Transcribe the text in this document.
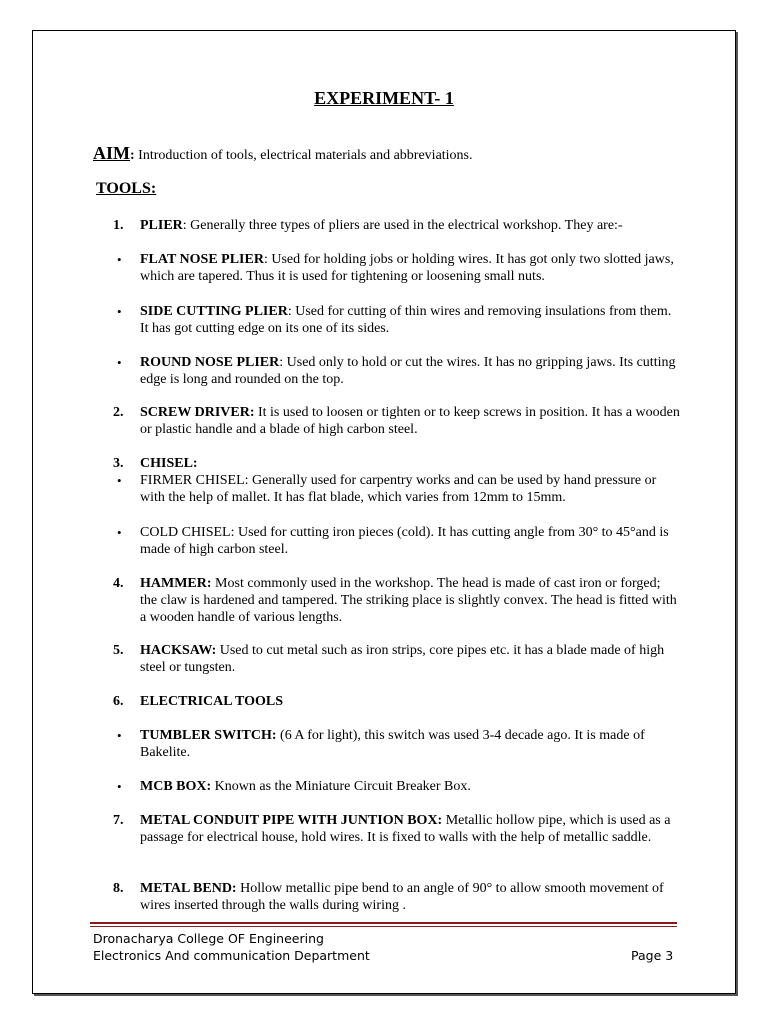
EXPERIMENT- 1
AIM: Introduction of tools, electrical materials and abbreviations.
TOOLS:
1. PLIER: Generally three types of pliers are used in the electrical workshop. They are:-
• FLAT NOSE PLIER: Used for holding jobs or holding wires. It has got only two slotted jaws, which are tapered. Thus it is used for tightening or loosening small nuts.
• SIDE CUTTING PLIER: Used for cutting of thin wires and removing insulations from them. It has got cutting edge on its one of its sides.
• ROUND NOSE PLIER: Used only to hold or cut the wires. It has no gripping jaws. Its cutting edge is long and rounded on the top.
2. SCREW DRIVER: It is used to loosen or tighten or to keep screws in position. It has a wooden or plastic handle and a blade of high carbon steel.
3. CHISEL:
• FIRMER CHISEL: Generally used for carpentry works and can be used by hand pressure or with the help of mallet. It has flat blade, which varies from 12mm to 15mm.
• COLD CHISEL: Used for cutting iron pieces (cold). It has cutting angle from 30° to 45°and is made of high carbon steel.
4. HAMMER: Most commonly used in the workshop. The head is made of cast iron or forged; the claw is hardened and tampered. The striking place is slightly convex. The head is fitted with a wooden handle of various lengths.
5. HACKSAW: Used to cut metal such as iron strips, core pipes etc. it has a blade made of high steel or tungsten.
6. ELECTRICAL TOOLS
• TUMBLER SWITCH: (6 A for light), this switch was used 3-4 decade ago. It is made of Bakelite.
• MCB BOX: Known as the Miniature Circuit Breaker Box.
7. METAL CONDUIT PIPE WITH JUNTION BOX: Metallic hollow pipe, which is used as a passage for electrical house, hold wires. It is fixed to walls with the help of metallic saddle.
8. METAL BEND: Hollow metallic pipe bend to an angle of 90° to allow smooth movement of wires inserted through the walls during wiring .
Dronacharya College OF Engineering
Electronics And communication Department	Page 3
